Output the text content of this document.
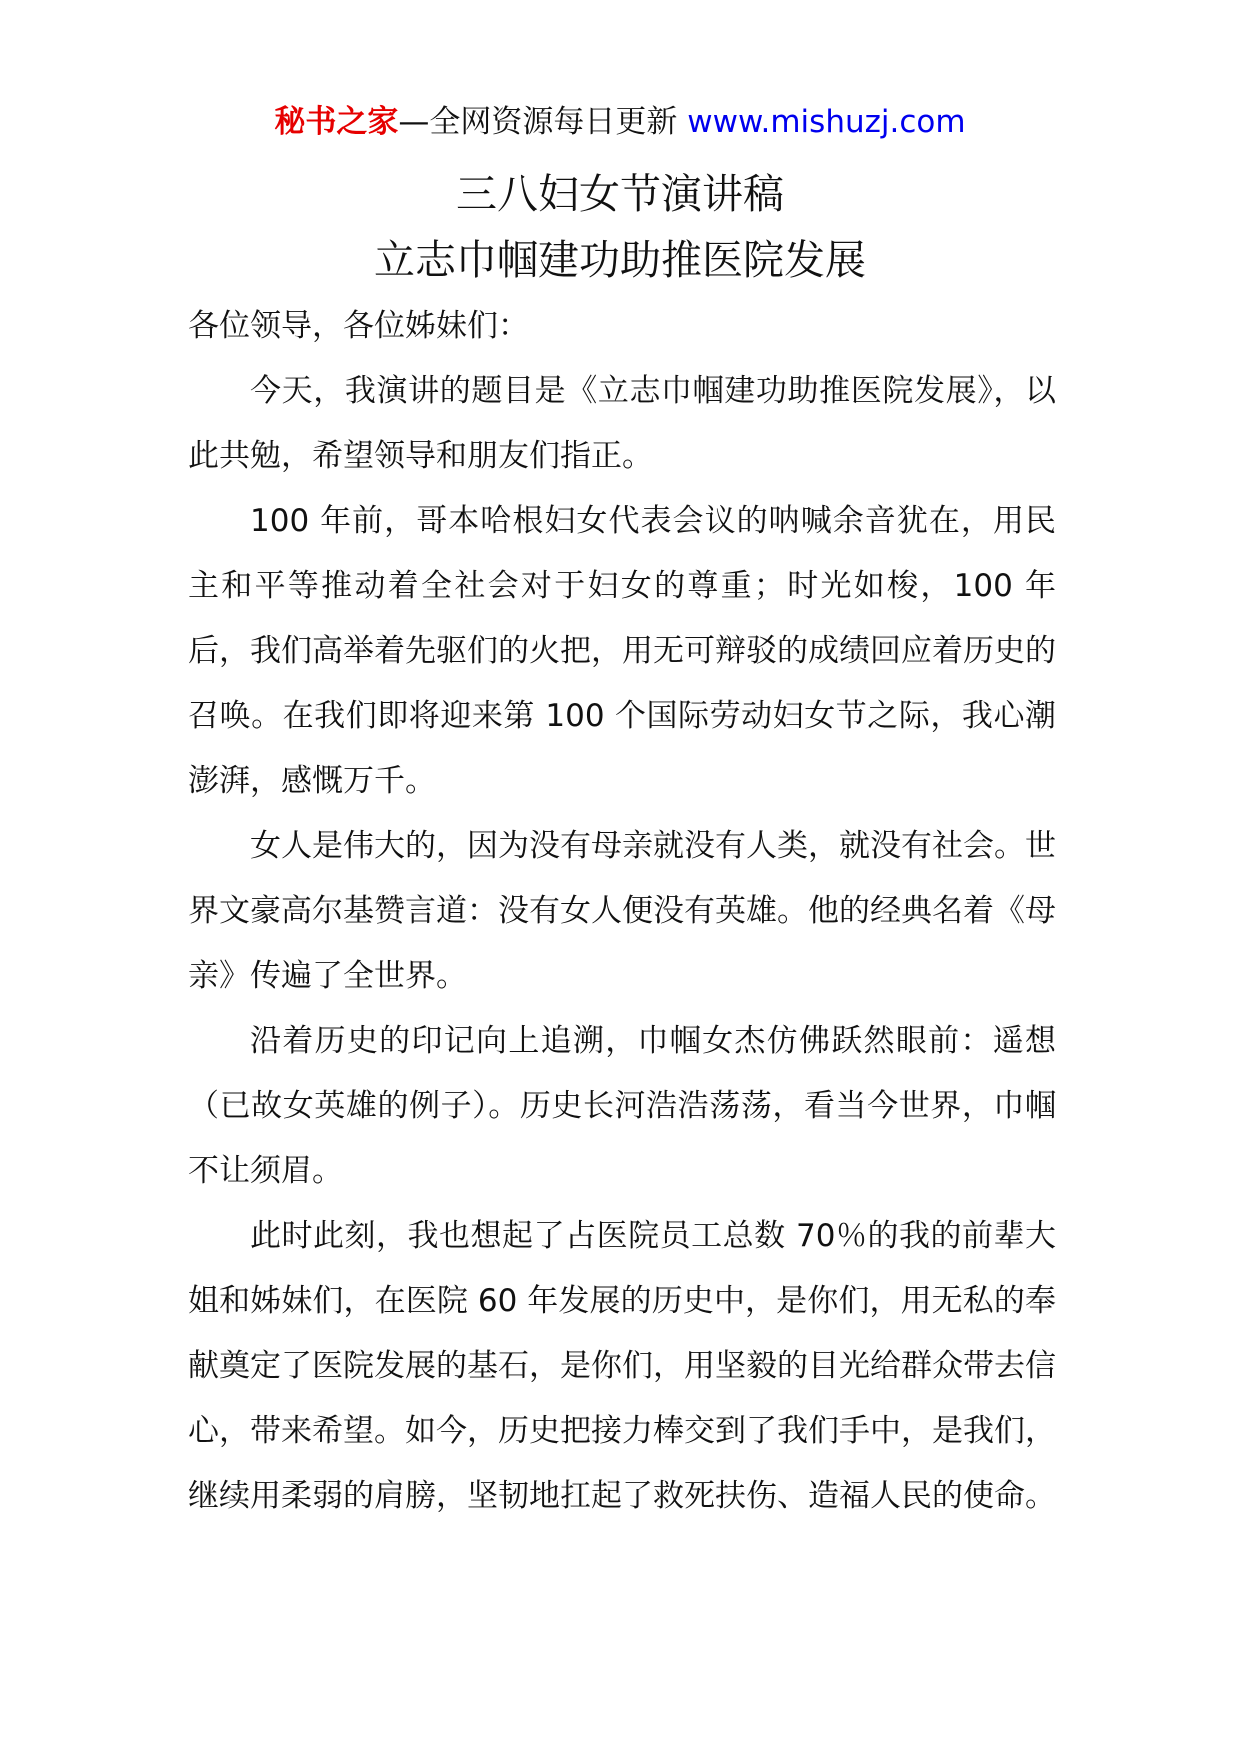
秘书之家—全网资源每日更新 www.mishuzj.com
三八妇女节演讲稿
立志巾帼建功助推医院发展

各位领导，各位姊妹们：

今天，我演讲的题目是《立志巾帼建功助推医院发展》，以此共勉，希望领导和朋友们指正。

100 年前，哥本哈根妇女代表会议的呐喊余音犹在，用民主和平等推动着全社会对于妇女的尊重；时光如梭，100 年后，我们高举着先驱们的火把，用无可辩驳的成绩回应着历史的召唤。在我们即将迎来第 100 个国际劳动妇女节之际，我心潮澎湃，感慨万千。

女人是伟大的，因为没有母亲就没有人类，就没有社会。世界文豪高尔基赞言道：没有女人便没有英雄。他的经典名着《母亲》传遍了全世界。

沿着历史的印记向上追溯，巾帼女杰仿佛跃然眼前：遥想（已故女英雄的例子）。历史长河浩浩荡荡，看当今世界，巾帼不让须眉。

此时此刻，我也想起了占医院员工总数 70％的我的前辈大姐和姊妹们，在医院 60 年发展的历史中，是你们，用无私的奉献奠定了医院发展的基石，是你们，用坚毅的目光给群众带去信心，带来希望。如今，历史把接力棒交到了我们手中，是我们，继续用柔弱的肩膀，坚韧地扛起了救死扶伤、造福人民的使命。
